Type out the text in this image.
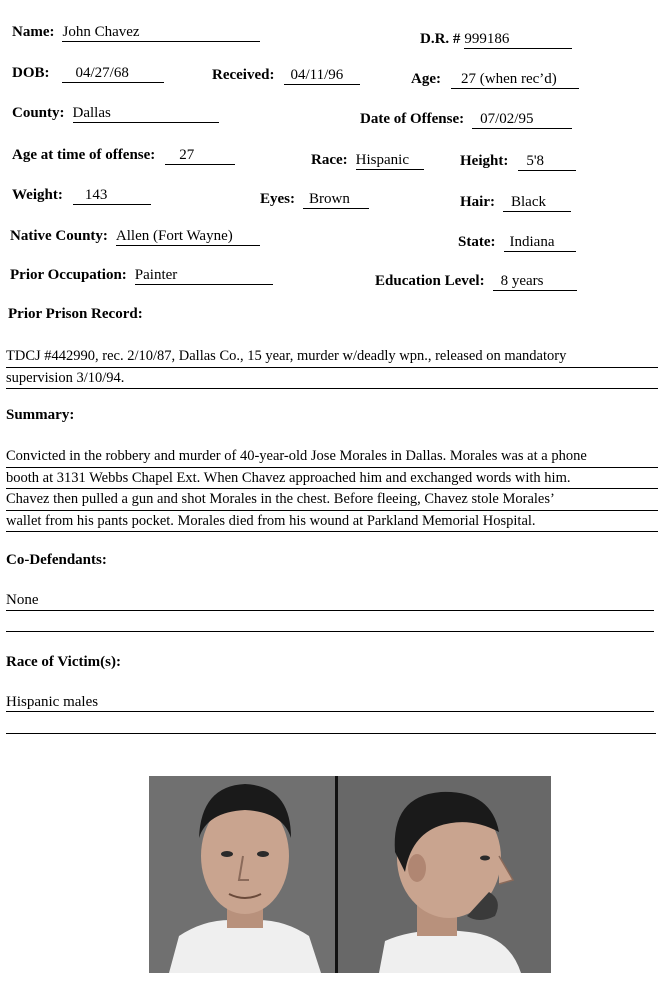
Name: John Chavez	D.R. # 999186
DOB: 04/27/68	Received: 04/11/96	Age: 27 (when rec’d)
County: Dallas	Date of Offense: 07/02/95
Age at time of offense: 27	Race: Hispanic	Height: 5'8
Weight: 143	Eyes: Brown	Hair: Black
Native County: Allen (Fort Wayne)	State: Indiana
Prior Occupation: Painter	Education Level: 8 years
Prior Prison Record:
TDCJ #442990, rec. 2/10/87, Dallas Co., 15 year, murder w/deadly wpn., released on mandatory
supervision 3/10/94.
Summary:
Convicted in the robbery and murder of 40-year-old Jose Morales in Dallas. Morales was at a phone
booth at 3131 Webbs Chapel Ext. When Chavez approached him and exchanged words with him.
Chavez then pulled a gun and shot Morales in the chest. Before fleeing, Chavez stole Morales’
wallet from his pants pocket. Morales died from his wound at Parkland Memorial Hospital.
Co-Defendants:
None
Race of Victim(s):
Hispanic males
